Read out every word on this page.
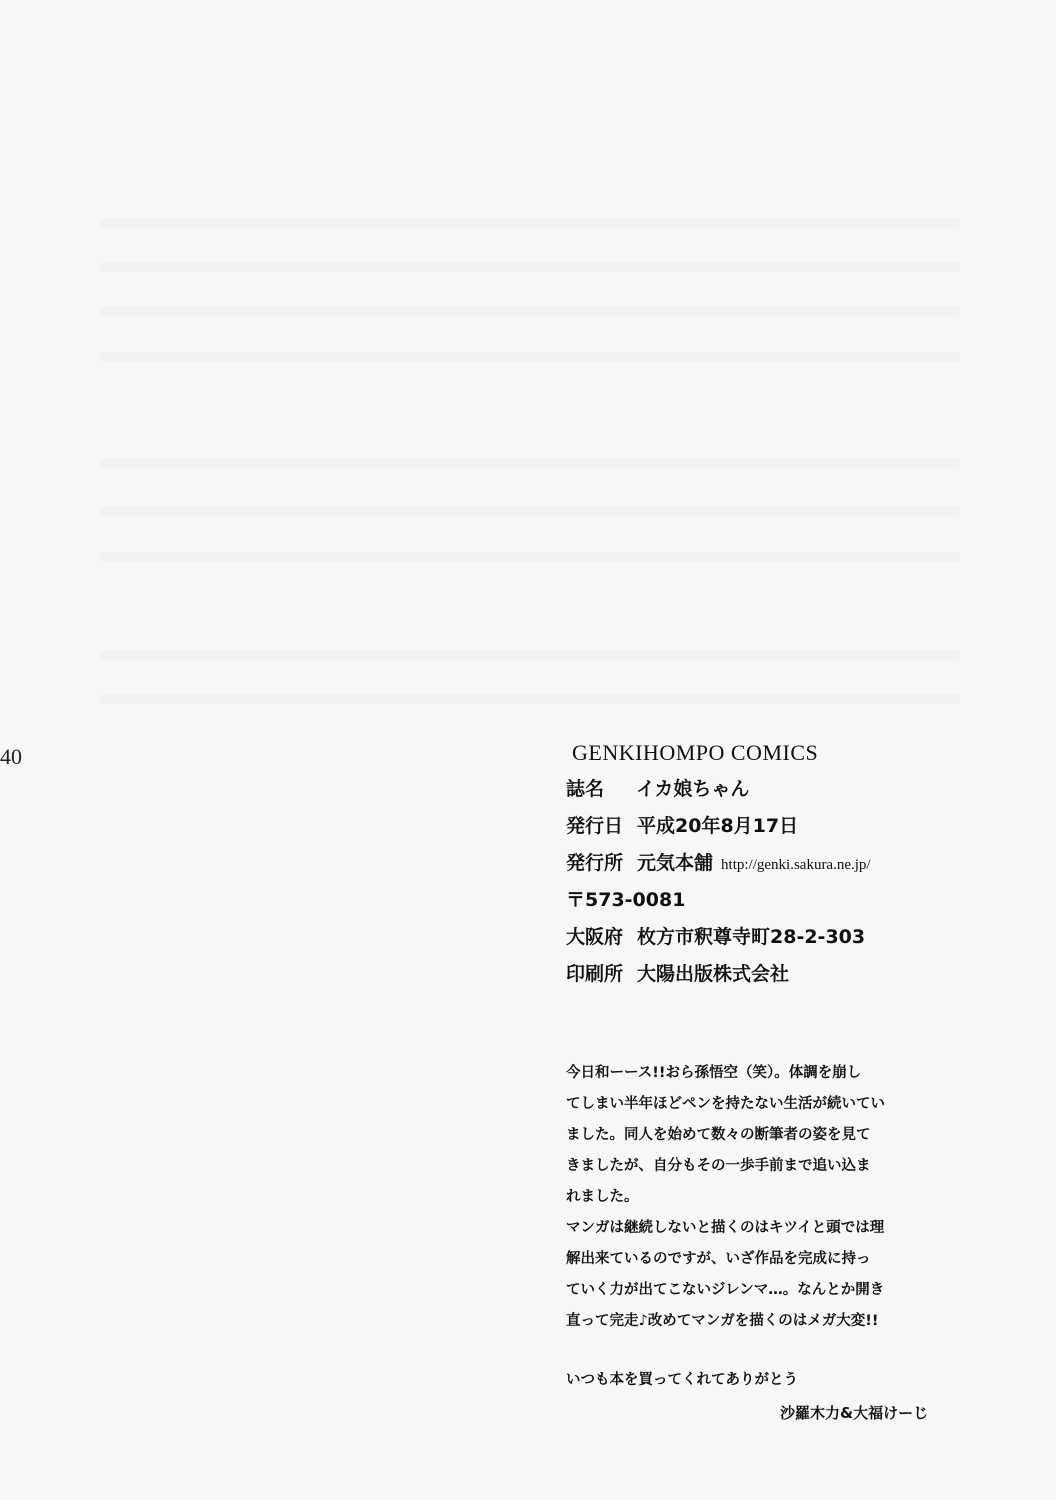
40	GENKIHOMPO COMICS
誌名	イカ娘ちゃん
発行日 平成20年8月17日
発行所 元気本舗 http://genki.sakura.ne.jp/
〒573-0081
大阪府 枚方市釈尊寺町28-2-303
印刷所 大陽出版株式会社

今日和ーース!!おら孫悟空（笑）。体調を崩し

てしまい半年ほどペンを持たない生活が続いてい

ました。同人を始めて数々の断筆者の姿を見て

きましたが、自分もその一歩手前まで追い込ま

れました。

マンガは継続しないと描くのはキツイと頭では理

解出来ているのですが、いざ作品を完成に持っ

ていく力が出てこないジレンマ…。なんとか開き

直って完走♪改めてマンガを描くのはメガ大変!!

いつも本を買ってくれてありがとう
沙羅木力&大福けーじ
